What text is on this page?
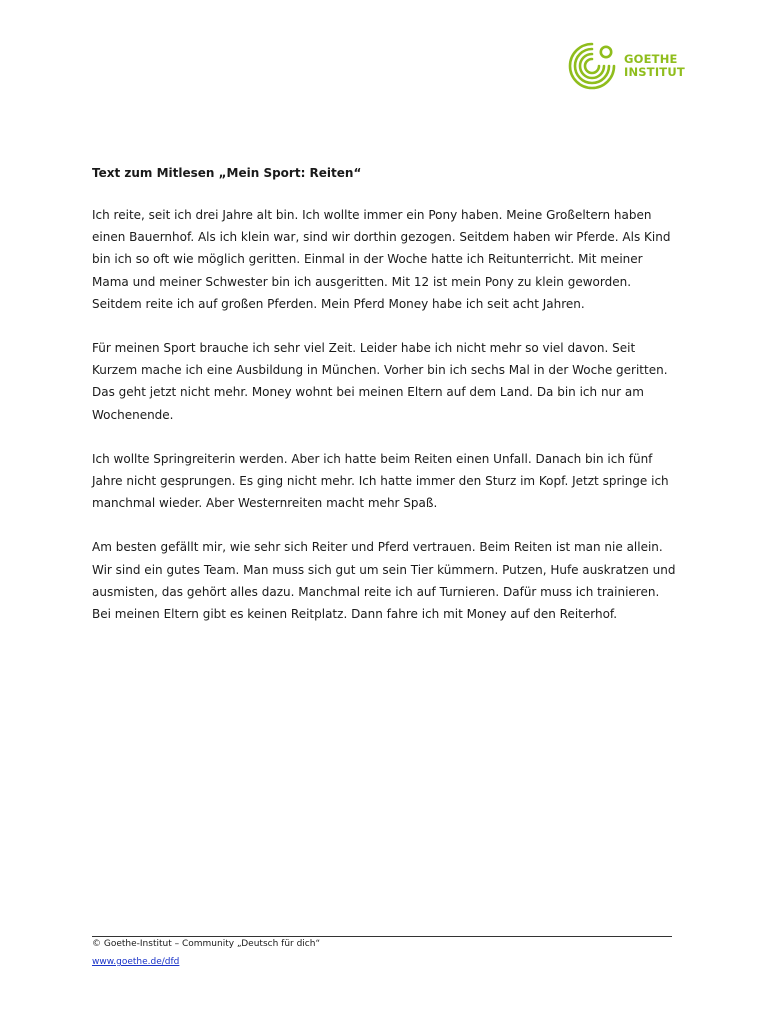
GOETHE
INSTITUT
Text zum Mitlesen „Mein Sport: Reiten“

Ich reite, seit ich drei Jahre alt bin. Ich wollte immer ein Pony haben. Meine Großeltern haben einen Bauernhof. Als ich klein war, sind wir dorthin gezogen. Seitdem haben wir Pferde. Als Kind bin ich so oft wie möglich geritten. Einmal in der Woche hatte ich Reitunterricht. Mit meiner Mama und meiner Schwester bin ich ausgeritten. Mit 12 ist mein Pony zu klein geworden. Seitdem reite ich auf großen Pferden. Mein Pferd Money habe ich seit acht Jahren.

Für meinen Sport brauche ich sehr viel Zeit. Leider habe ich nicht mehr so viel davon. Seit Kurzem mache ich eine Ausbildung in München. Vorher bin ich sechs Mal in der Woche geritten. Das geht jetzt nicht mehr. Money wohnt bei meinen Eltern auf dem Land. Da bin ich nur am Wochenende.

Ich wollte Springreiterin werden. Aber ich hatte beim Reiten einen Unfall. Danach bin ich fünf Jahre nicht gesprungen. Es ging nicht mehr. Ich hatte immer den Sturz im Kopf. Jetzt springe ich manchmal wieder. Aber Westernreiten macht mehr Spaß.

Am besten gefällt mir, wie sehr sich Reiter und Pferd vertrauen. Beim Reiten ist man nie allein. Wir sind ein gutes Team. Man muss sich gut um sein Tier kümmern. Putzen, Hufe auskratzen und ausmisten, das gehört alles dazu. Manchmal reite ich auf Turnieren. Dafür muss ich trainieren. Bei meinen Eltern gibt es keinen Reitplatz. Dann fahre ich mit Money auf den Reiterhof.

© Goethe-Institut – Community „Deutsch für dich“
www.goethe.de/dfd
